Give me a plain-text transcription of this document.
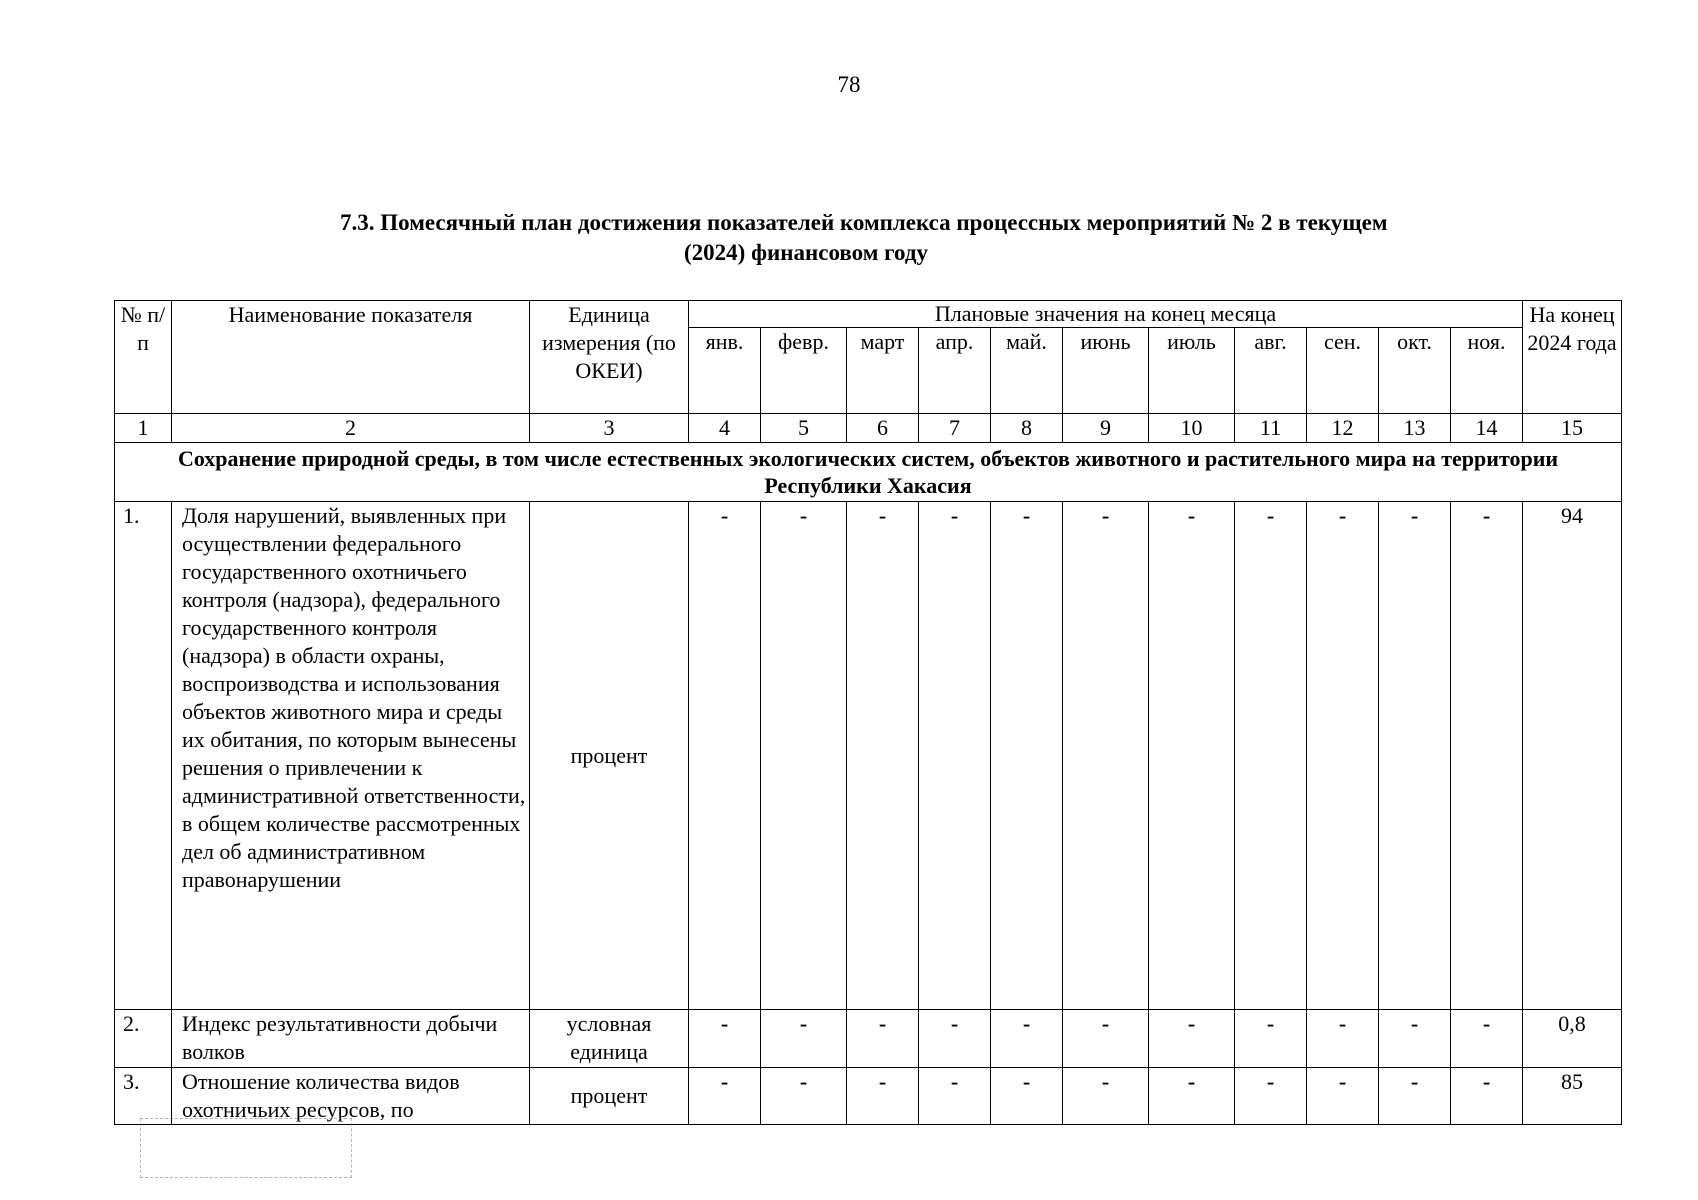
78
7.3. Помесячный план достижения показателей комплекса процессных мероприятий № 2 в текущем
(2024) финансовом году
№ п/п	Наименование показателя	Единица измерения (по ОКЕИ)	Плановые значения на конец месяца											На конец 2024 года
			янв.	февр.	март	апр.	май.	июнь	июль	авг.	сен.	окт.	ноя.	
1	2	3	4	5	6	7	8	9	10	11	12	13	14	15
Сохранение природной среды, в том числе естественных экологических систем, объектов животного и растительного мира на территории Республики Хакасия														
1.	Доля нарушений, выявленных при осуществлении федерального государственного охотничьего контроля (надзора), федерального государственного контроля (надзора) в области охраны, воспроизводства и использования объектов животного мира и среды их обитания, по которым вынесены решения о привлечении к административной ответственности, в общем количестве рассмотренных дел об административном правонарушении	процент	-	-	-	-	-	-	-	-	-	-	-	94
2.	Индекс результативности добычи волков	условная единица	-	-	-	-	-	-	-	-	-	-	-	0,8
3.	Отношение количества видов охотничьих ресурсов, по	процент	-	-	-	-	-	-	-	-	-	-	-	85
